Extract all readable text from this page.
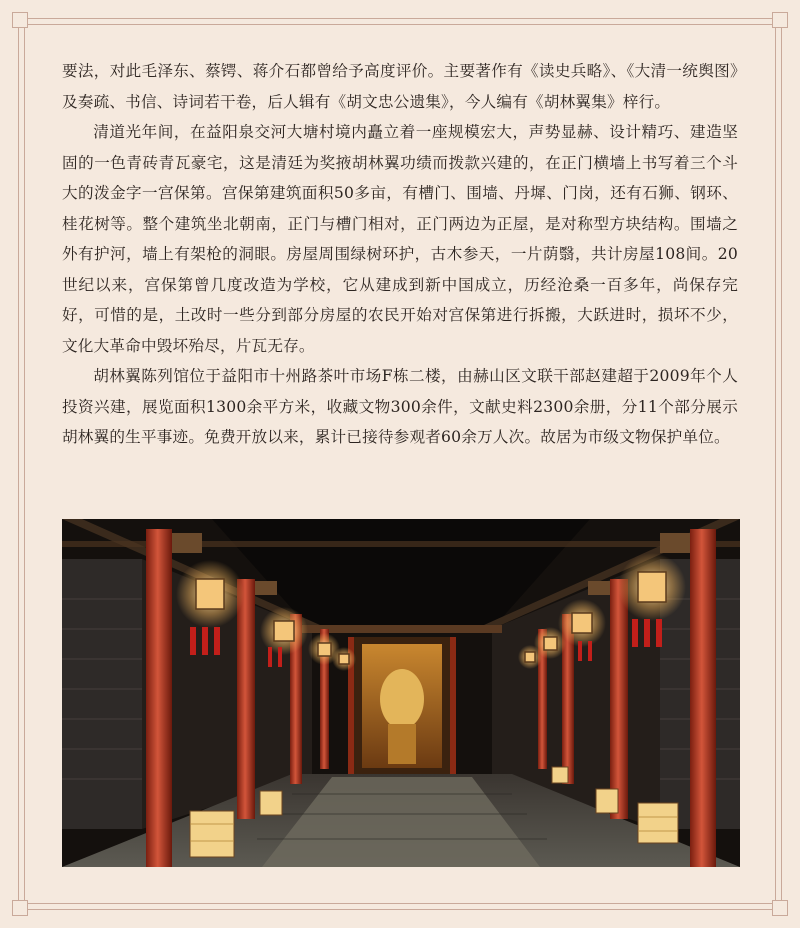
要法，对此毛泽东、蔡锷、蒋介石都曾给予高度评价。主要著作有《读史兵略》、《大清一统舆图》及奏疏、书信、诗词若干卷，后人辑有《胡文忠公遗集》，今人编有《胡林翼集》梓行。

清道光年间，在益阳泉交河大塘村境内矗立着一座规模宏大，声势显赫、设计精巧、建造坚固的一色青砖青瓦豪宅，这是清廷为奖掖胡林翼功绩而拨款兴建的，在正门横墙上书写着三个斗大的泼金字一宫保第。宫保第建筑面积50多亩，有槽门、围墙、丹墀、门岗，还有石狮、钢环、桂花树等。整个建筑坐北朝南，正门与槽门相对，正门两边为正屋，是对称型方块结构。围墙之外有护河，墙上有架枪的洞眼。房屋周围绿树环护，古木参天，一片荫翳，共计房屋108间。20世纪以来，宫保第曾几度改造为学校，它从建成到新中国成立，历经沧桑一百多年，尚保存完好，可惜的是，土改时一些分到部分房屋的农民开始对宫保第进行拆搬，大跃进时，损坏不少，文化大革命中毁坏殆尽，片瓦无存。

胡林翼陈列馆位于益阳市十州路茶叶市场F栋二楼，由赫山区文联干部赵建超于2009年个人投资兴建，展览面积1300余平方米，收藏文物300余件，文献史料2300余册，分11个部分展示胡林翼的生平事迹。免费开放以来，累计已接待参观者60余万人次。故居为市级文物保护单位。
